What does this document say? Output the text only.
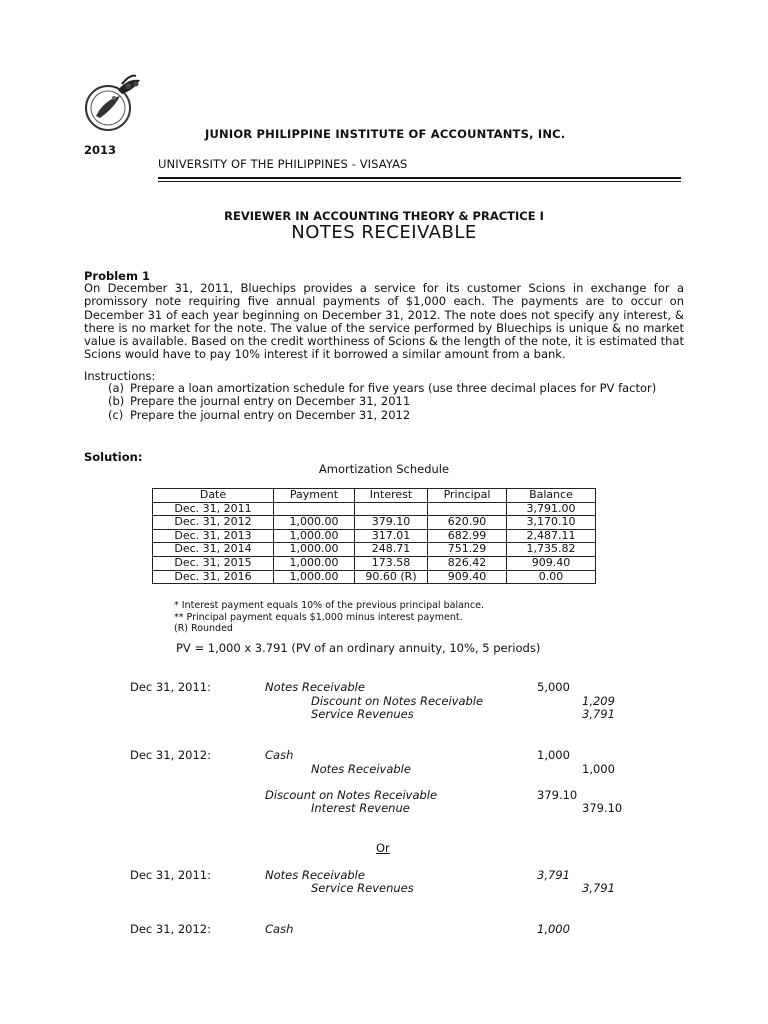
JUNIOR PHILIPPINE INSTITUTE OF ACCOUNTANTS, INC.
2013
UNIVERSITY OF THE PHILIPPINES - VISAYAS
REVIEWER IN ACCOUNTING THEORY & PRACTICE I
NOTES RECEIVABLE
Problem 1
On December 31, 2011, Bluechips provides a service for its customer Scions in exchange for a promissory note requiring five annual payments of $1,000 each. The payments are to occur on December 31 of each year beginning on December 31, 2012. The note does not specify any interest, & there is no market for the note. The value of the service performed by Bluechips is unique & no market value is available. Based on the credit worthiness of Scions & the length of the note, it is estimated that Scions would have to pay 10% interest if it borrowed a similar amount from a bank.
Instructions:
(a) Prepare a loan amortization schedule for five years (use three decimal places for PV factor)
(b) Prepare the journal entry on December 31, 2011
(c) Prepare the journal entry on December 31, 2012
Solution:
Amortization Schedule
Date	Payment	Interest	Principal	Balance
Dec. 31, 2011				3,791.00
Dec. 31, 2012	1,000.00	379.10	620.90	3,170.10
Dec. 31, 2013	1,000.00	317.01	682.99	2,487.11
Dec. 31, 2014	1,000.00	248.71	751.29	1,735.82
Dec. 31, 2015	1,000.00	173.58	826.42	909.40
Dec. 31, 2016	1,000.00	90.60 (R)	909.40	0.00
* Interest payment equals 10% of the previous principal balance.
** Principal payment equals $1,000 minus interest payment.
(R) Rounded
PV = 1,000 x 3.791 (PV of an ordinary annuity, 10%, 5 periods)
Dec 31, 2011:	Notes Receivable	5,000
Discount on Notes Receivable	1,209
Service Revenues	3,791
Dec 31, 2012:	Cash	1,000
Notes Receivable	1,000
Discount on Notes Receivable	379.10
Interest Revenue	379.10
Or
Dec 31, 2011:	Notes Receivable	3,791
Service Revenues	3,791
Dec 31, 2012:	Cash	1,000
